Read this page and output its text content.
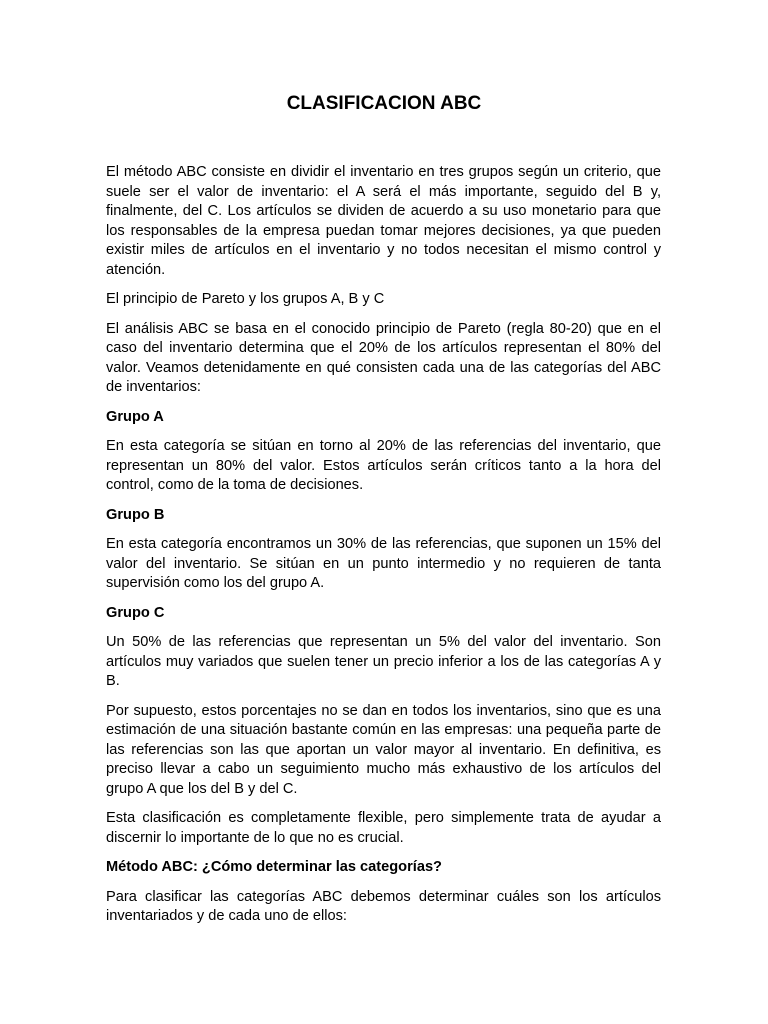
CLASIFICACION ABC

El método ABC consiste en dividir el inventario en tres grupos según un criterio, que suele ser el valor de inventario: el A será el más importante, seguido del B y, finalmente, del C. Los artículos se dividen de acuerdo a su uso monetario para que los responsables de la empresa puedan tomar mejores decisiones, ya que pueden existir miles de artículos en el inventario y no todos necesitan el mismo control y atención.

El principio de Pareto y los grupos A, B y C

El análisis ABC se basa en el conocido principio de Pareto (regla 80-20) que en el caso del inventario determina que el 20% de los artículos representan el 80% del valor. Veamos detenidamente en qué consisten cada una de las categorías del ABC de inventarios:

Grupo A

En esta categoría se sitúan en torno al 20% de las referencias del inventario, que representan un 80% del valor. Estos artículos serán críticos tanto a la hora del control, como de la toma de decisiones.

Grupo B

En esta categoría encontramos un 30% de las referencias, que suponen un 15% del valor del inventario. Se sitúan en un punto intermedio y no requieren de tanta supervisión como los del grupo A.

Grupo C

Un 50% de las referencias que representan un 5% del valor del inventario. Son artículos muy variados que suelen tener un precio inferior a los de las categorías A y B.

Por supuesto, estos porcentajes no se dan en todos los inventarios, sino que es una estimación de una situación bastante común en las empresas: una pequeña parte de las referencias son las que aportan un valor mayor al inventario. En definitiva, es preciso llevar a cabo un seguimiento mucho más exhaustivo de los artículos del grupo A que los del B y del C.

Esta clasificación es completamente flexible, pero simplemente trata de ayudar a discernir lo importante de lo que no es crucial.

Método ABC: ¿Cómo determinar las categorías?

Para clasificar las categorías ABC debemos determinar cuáles son los artículos inventariados y de cada uno de ellos:
